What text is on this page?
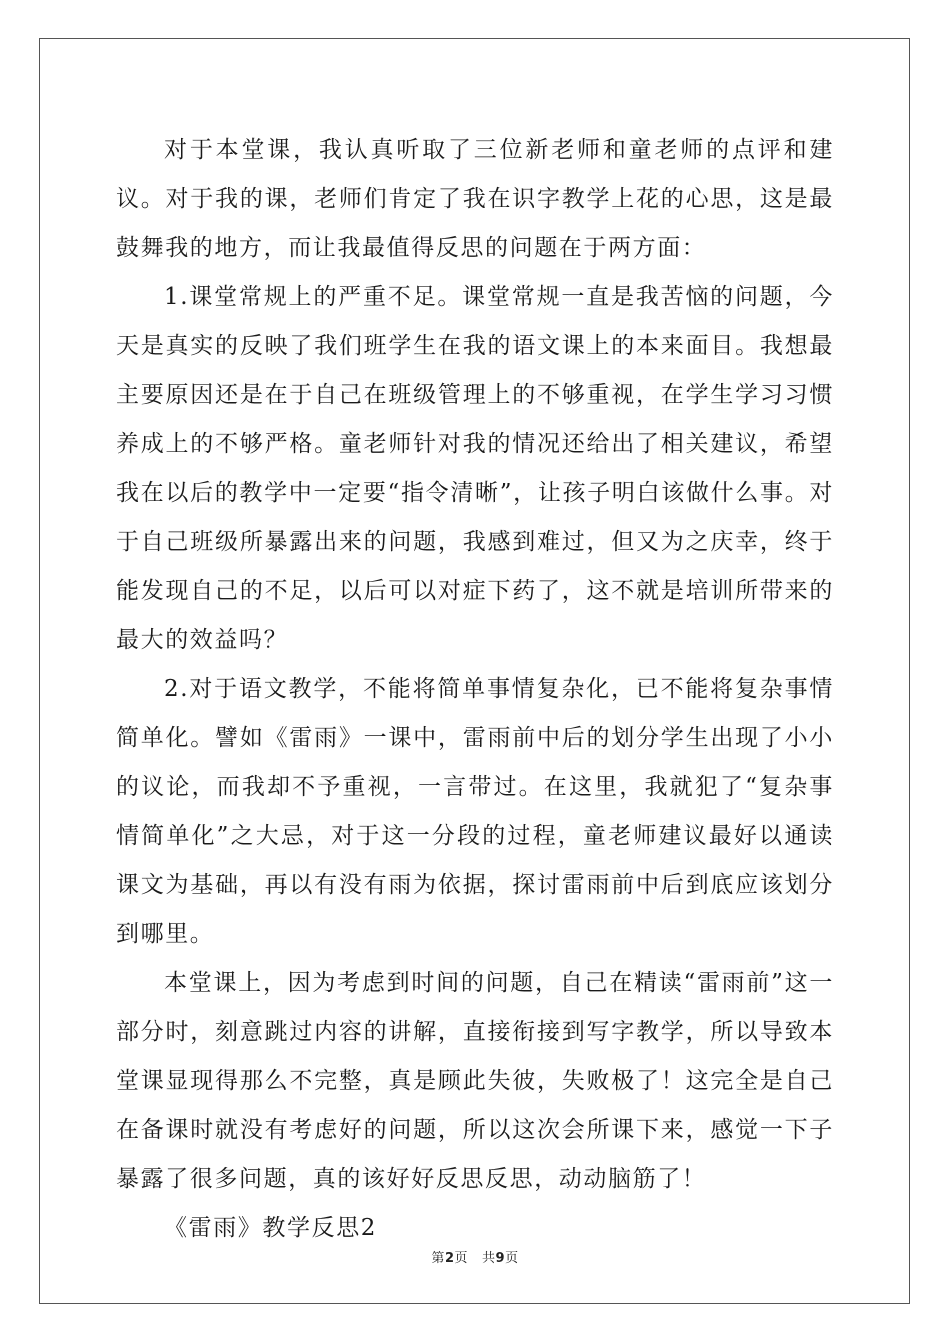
对于本堂课，我认真听取了三位新老师和童老师的点评和建议。对于我的课，老师们肯定了我在识字教学上花的心思，这是最鼓舞我的地方，而让我最值得反思的问题在于两方面：

1.课堂常规上的严重不足。课堂常规一直是我苦恼的问题，今天是真实的反映了我们班学生在我的语文课上的本来面目。我想最主要原因还是在于自己在班级管理上的不够重视，在学生学习习惯养成上的不够严格。童老师针对我的情况还给出了相关建议，希望我在以后的教学中一定要“指令清晰”，让孩子明白该做什么事。对于自己班级所暴露出来的问题，我感到难过，但又为之庆幸，终于能发现自己的不足，以后可以对症下药了，这不就是培训所带来的最大的效益吗？

2.对于语文教学，不能将简单事情复杂化，已不能将复杂事情简单化。譬如《雷雨》一课中，雷雨前中后的划分学生出现了小小的议论，而我却不予重视，一言带过。在这里，我就犯了“复杂事情简单化”之大忌，对于这一分段的过程，童老师建议最好以通读课文为基础，再以有没有雨为依据，探讨雷雨前中后到底应该划分到哪里。

本堂课上，因为考虑到时间的问题，自己在精读“雷雨前”这一部分时，刻意跳过内容的讲解，直接衔接到写字教学，所以导致本堂课显现得那么不完整，真是顾此失彼，失败极了！这完全是自己在备课时就没有考虑好的问题，所以这次会所课下来，感觉一下子暴露了很多问题，真的该好好反思反思，动动脑筋了！

《雷雨》教学反思2

第2页 共9页
